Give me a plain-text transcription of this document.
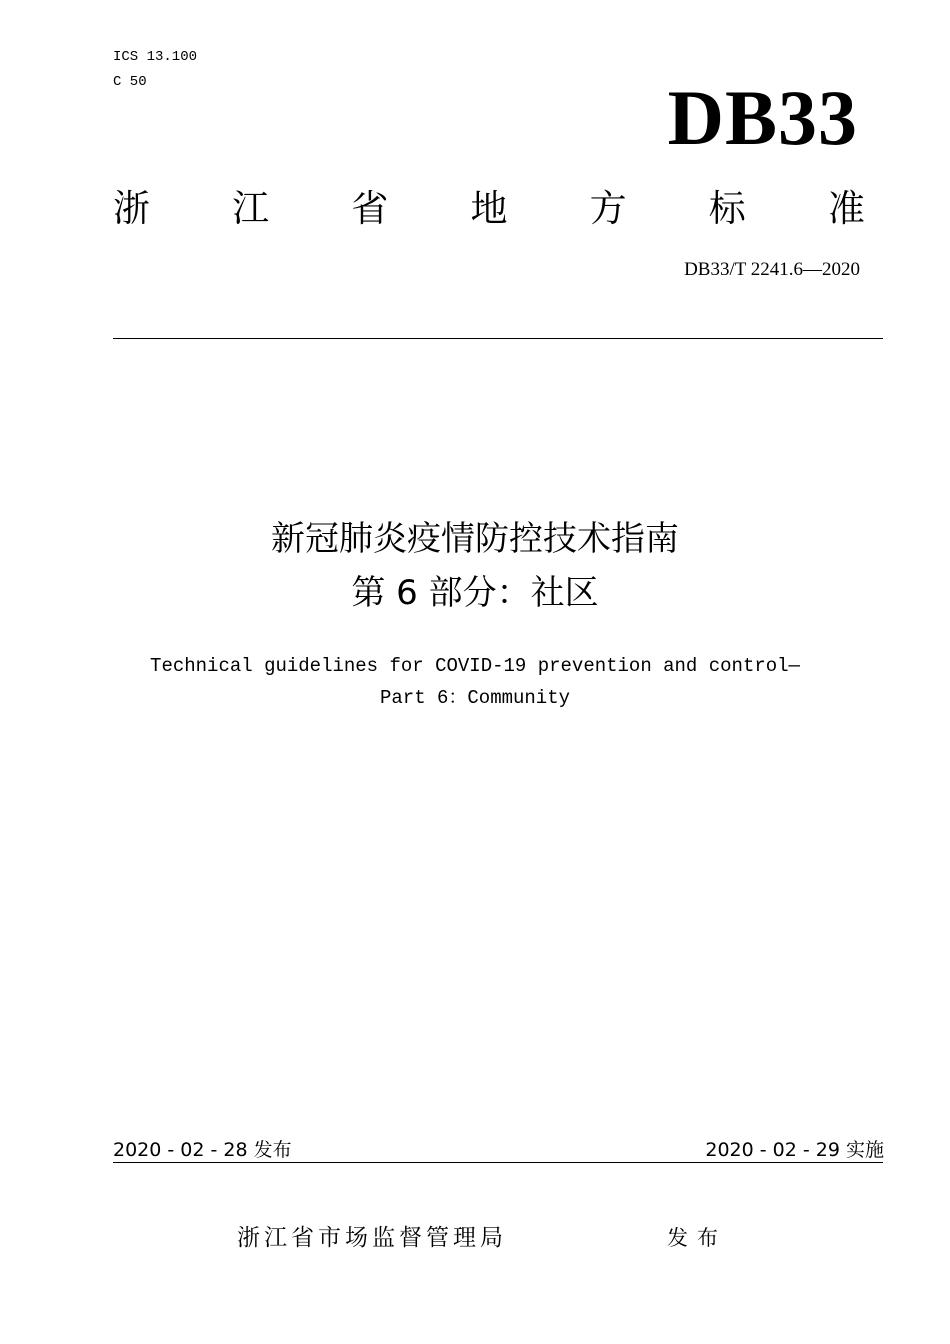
ICS 13.100
C 50	DB33
浙 江 省 地 方 标 准
DB33/T 2241.6—2020
新冠肺炎疫情防控技术指南
第 6 部分：社区
Technical guidelines for COVID-19 prevention and control—
Part 6：Community
2020 - 02 - 28 发布	2020 - 02 - 29 实施
浙江省市场监督管理局	发布
